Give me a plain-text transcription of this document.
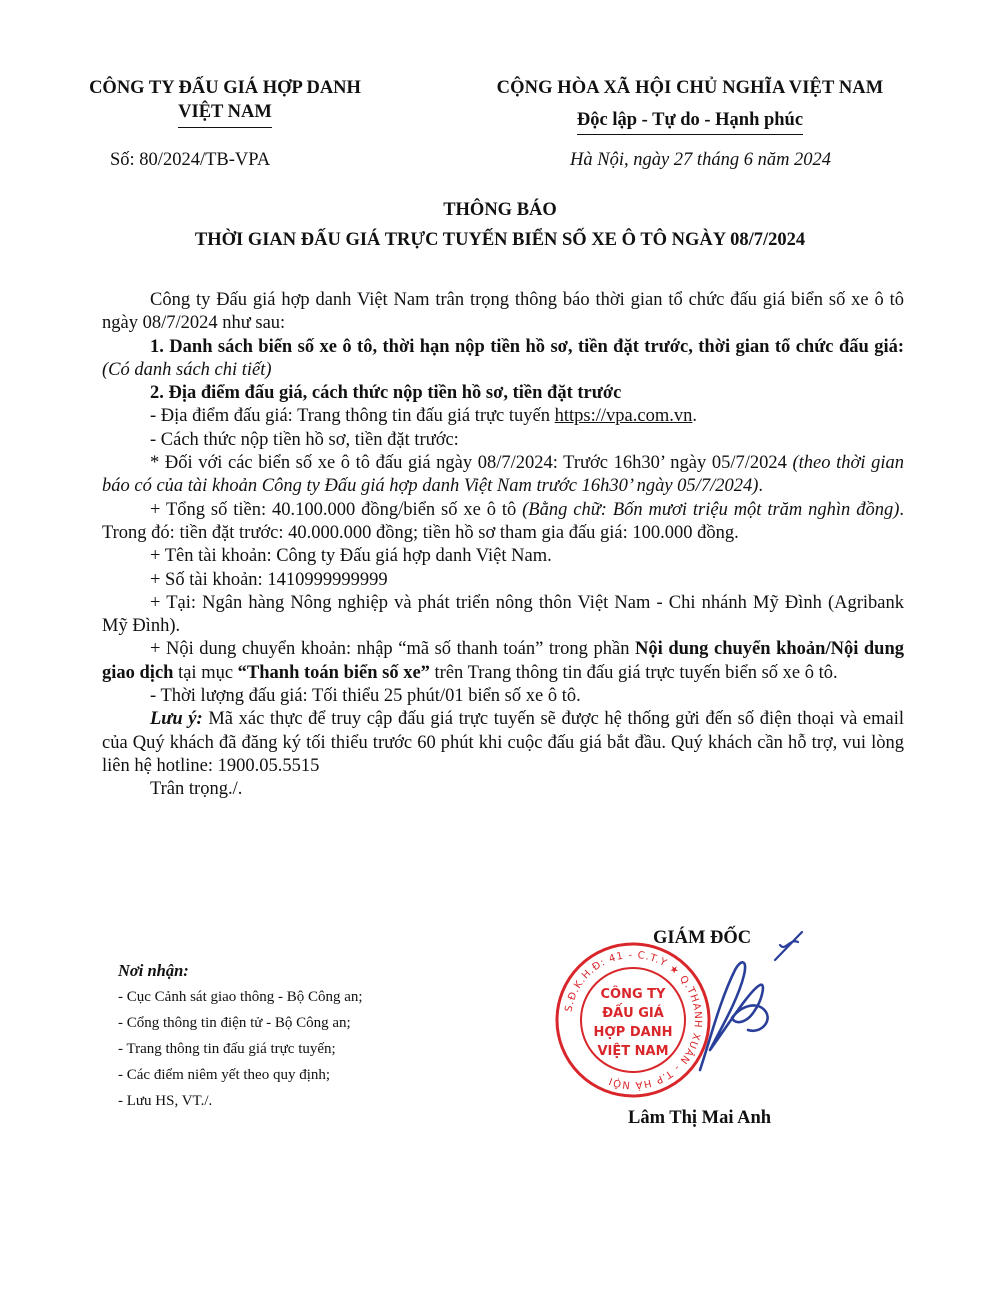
CÔNG TY ĐẤU GIÁ HỢP DANH
VIỆT NAM
CỘNG HÒA XÃ HỘI CHỦ NGHĨA VIỆT NAM
Độc lập - Tự do - Hạnh phúc
Số: 80/2024/TB-VPA	Hà Nội, ngày 27 tháng 6 năm 2024
THÔNG BÁO
THỜI GIAN ĐẤU GIÁ TRỰC TUYẾN BIỂN SỐ XE Ô TÔ NGÀY 08/7/2024

Công ty Đấu giá hợp danh Việt Nam trân trọng thông báo thời gian tổ chức đấu giá biển số xe ô tô ngày 08/7/2024 như sau:

1. Danh sách biển số xe ô tô, thời hạn nộp tiền hồ sơ, tiền đặt trước, thời gian tổ chức đấu giá: (Có danh sách chi tiết)

2. Địa điểm đấu giá, cách thức nộp tiền hồ sơ, tiền đặt trước

- Địa điểm đấu giá: Trang thông tin đấu giá trực tuyến https://vpa.com.vn.

- Cách thức nộp tiền hồ sơ, tiền đặt trước:

* Đối với các biển số xe ô tô đấu giá ngày 08/7/2024: Trước 16h30’ ngày 05/7/2024 (theo thời gian báo có của tài khoản Công ty Đấu giá hợp danh Việt Nam trước 16h30’ ngày 05/7/2024).

+ Tổng số tiền: 40.100.000 đồng/biển số xe ô tô (Bằng chữ: Bốn mươi triệu một trăm nghìn đồng). Trong đó: tiền đặt trước: 40.000.000 đồng; tiền hồ sơ tham gia đấu giá: 100.000 đồng.

+ Tên tài khoản: Công ty Đấu giá hợp danh Việt Nam.

+ Số tài khoản: 1410999999999

+ Tại: Ngân hàng Nông nghiệp và phát triển nông thôn Việt Nam - Chi nhánh Mỹ Đình (Agribank Mỹ Đình).

+ Nội dung chuyển khoản: nhập “mã số thanh toán” trong phần Nội dung chuyển khoản/Nội dung giao dịch tại mục “Thanh toán biển số xe” trên Trang thông tin đấu giá trực tuyến biển số xe ô tô.

- Thời lượng đấu giá: Tối thiểu 25 phút/01 biển số xe ô tô.

Lưu ý: Mã xác thực để truy cập đấu giá trực tuyến sẽ được hệ thống gửi đến số điện thoại và email của Quý khách đã đăng ký tối thiểu trước 60 phút khi cuộc đấu giá bắt đầu. Quý khách cần hỗ trợ, vui lòng liên hệ hotline: 1900.05.5515

Trân trọng./.

Nơi nhận:
- Cục Cảnh sát giao thông - Bộ Công an;
- Cổng thông tin điện tử - Bộ Công an;
- Trang thông tin đấu giá trực tuyến;
- Các điểm niêm yết theo quy định;
- Lưu HS, VT./.
GIÁM ĐỐC
S.Đ.K.H.Đ: 41 - C.T.Y ★ Q.THANH XUÂN - T.P HÀ NỘI
CÔNG TY
ĐẤU GIÁ
HỢP DANH
VIỆT NAM
Lâm Thị Mai Anh
